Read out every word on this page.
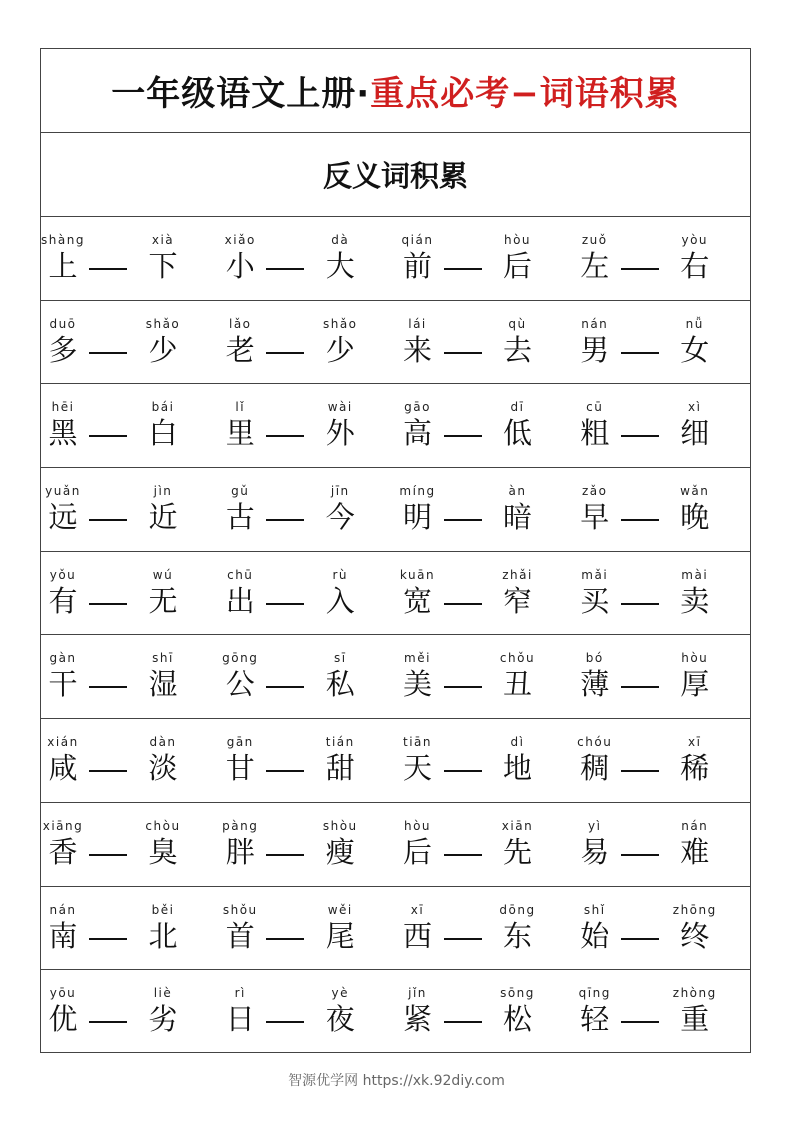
一年级语文上册· 重点必考−词语积累
反义词积累
shàng
上
xià
下
xiǎo
小
dà
大
qián
前
hòu
后
zuǒ
左
yòu
右
duō
多
shǎo
少
lǎo
老
shǎo
少
lái
来
qù
去
nán
男
nǚ
女
hēi
黑
bái
白
lǐ
里
wài
外
gāo
高
dī
低
cū
粗
xì
细
yuǎn
远
jìn
近
gǔ
古
jīn
今
míng
明
àn
暗
zǎo
早
wǎn
晚
yǒu
有
wú
无
chū
出
rù
入
kuān
宽
zhǎi
窄
mǎi
买
mài
卖
gàn
干
shī
湿
gōng
公
sī
私
měi
美
chǒu
丑
bó
薄
hòu
厚
xián
咸
dàn
淡
gān
甘
tián
甜
tiān
天
dì
地
chóu
稠
xī
稀
xiāng
香
chòu
臭
pàng
胖
shòu
瘦
hòu
后
xiān
先
yì
易
nán
难
nán
南
běi
北
shǒu
首
wěi
尾
xī
西
dōng
东
shǐ
始
zhōng
终
yōu
优
liè
劣
rì
日
yè
夜
jǐn
紧
sōng
松
qīng
轻
zhòng
重
智源优学网 https://xk.92diy.com
